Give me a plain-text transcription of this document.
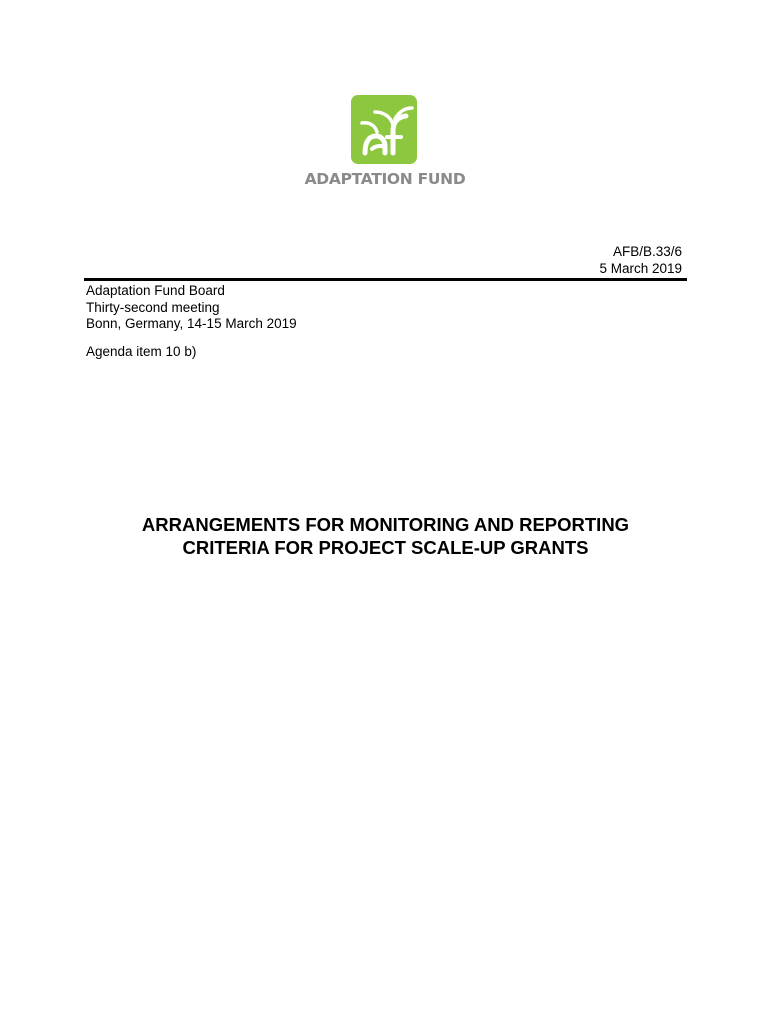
ADAPTATION FUND
AFB/B.33/6
5 March 2019
Adaptation Fund Board
Thirty-second meeting
Bonn, Germany, 14-15 March 2019
Agenda item 10 b)
ARRANGEMENTS FOR MONITORING AND REPORTING
CRITERIA FOR PROJECT SCALE-UP GRANTS
